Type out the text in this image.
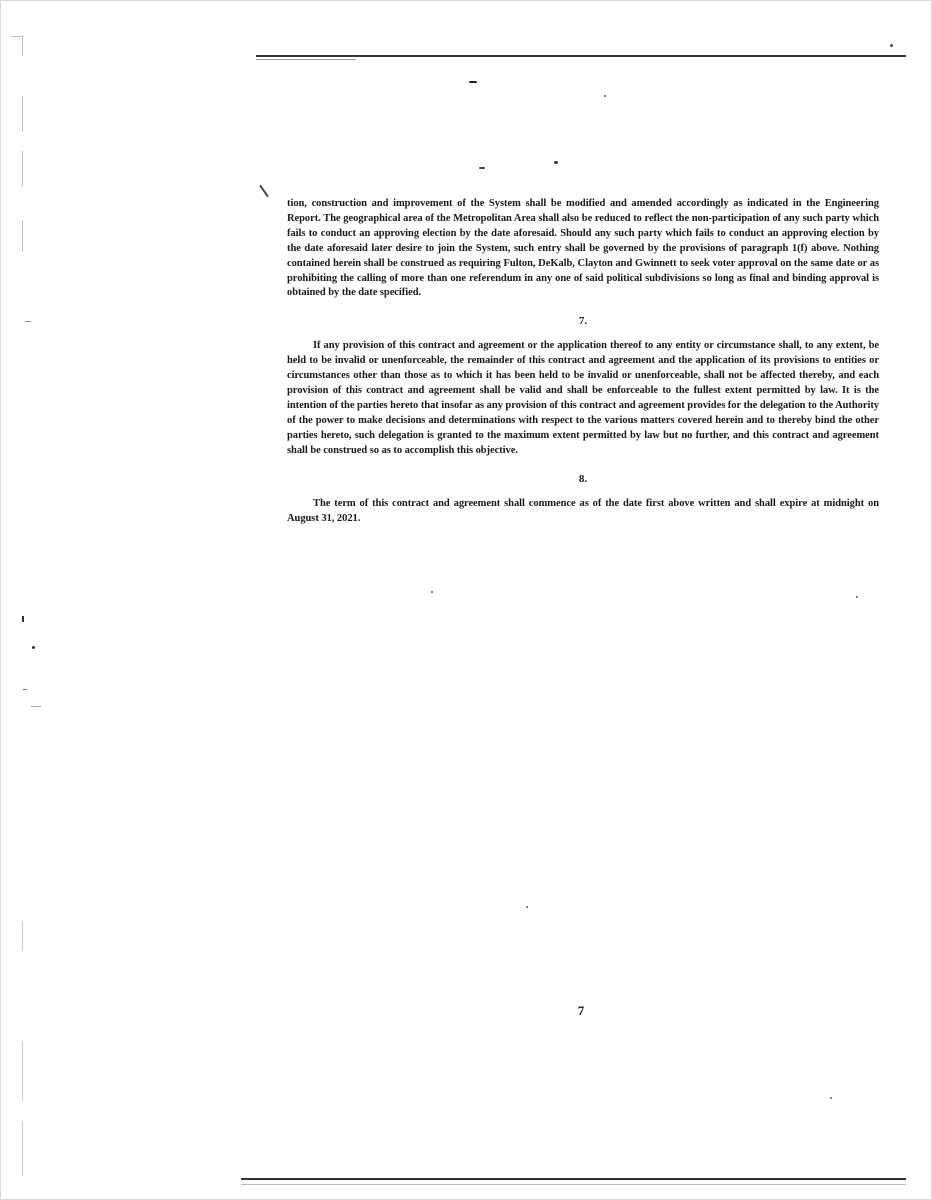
tion, construction and improvement of the System shall be modified and amended accordingly as indicated in the Engineering Report. The geographical area of the Metropolitan Area shall also be reduced to reflect the non-participation of any such party which fails to conduct an approving election by the date aforesaid. Should any such party which fails to conduct an approving election by the date aforesaid later desire to join the System, such entry shall be governed by the provisions of paragraph 1(f) above. Nothing contained herein shall be construed as requiring Fulton, DeKalb, Clayton and Gwinnett to seek voter approval on the same date or as prohibiting the calling of more than one referendum in any one of said political subdivisions so long as final and binding approval is obtained by the date specified.

7.

If any provision of this contract and agreement or the application thereof to any entity or circumstance shall, to any extent, be held to be invalid or unenforceable, the remainder of this contract and agreement and the application of its provisions to entities or circumstances other than those as to which it has been held to be invalid or unenforceable, shall not be affected thereby, and each provision of this contract and agreement shall be valid and shall be enforceable to the fullest extent permitted by law. It is the intention of the parties hereto that insofar as any provision of this contract and agreement provides for the delegation to the Authority of the power to make decisions and determinations with respect to the various matters covered herein and to thereby bind the other parties hereto, such delegation is granted to the maximum extent permitted by law but no further, and this contract and agreement shall be construed so as to accomplish this objective.

8.

The term of this contract and agreement shall commence as of the date first above written and shall expire at midnight on August 31, 2021.

7
